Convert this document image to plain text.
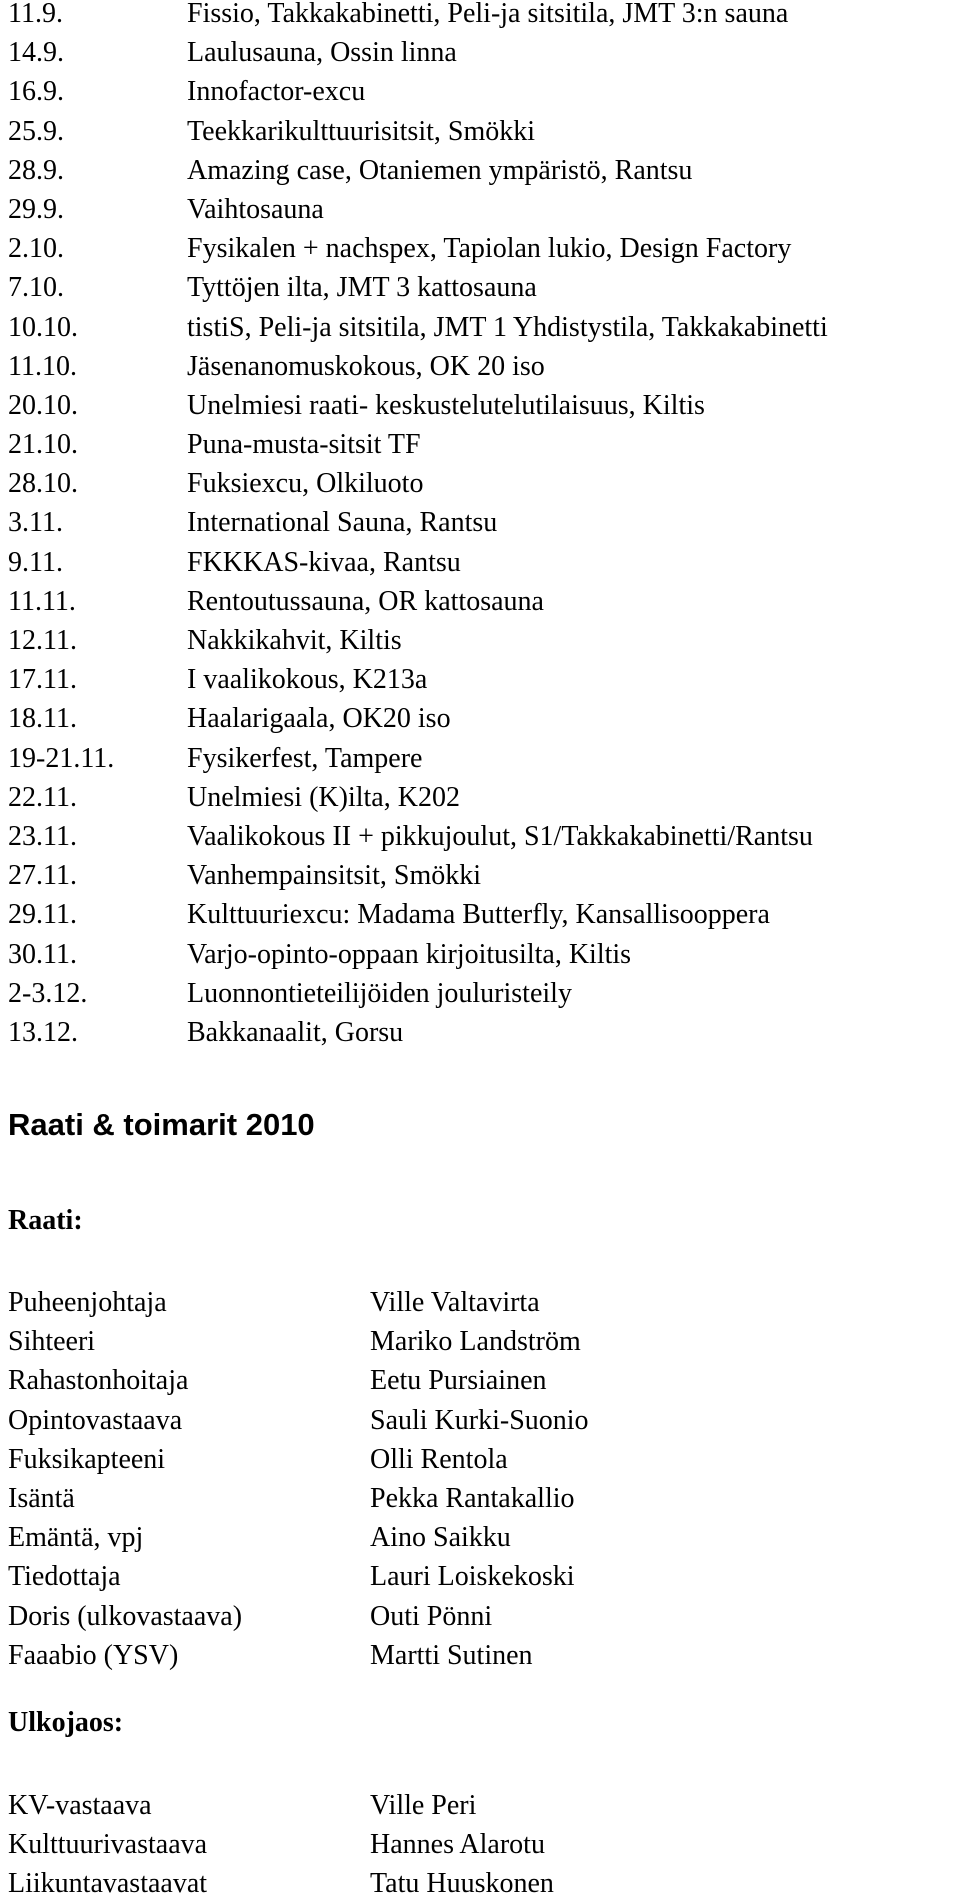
11.9.	Fissio, Takkakabinetti, Peli-ja sitsitila, JMT 3:n sauna
14.9.	Laulusauna, Ossin linna
16.9.	Innofactor-excu
25.9.	Teekkarikulttuurisitsit, Smökki
28.9.	Amazing case, Otaniemen ympäristö, Rantsu
29.9.	Vaihtosauna
2.10.	Fysikalen + nachspex, Tapiolan lukio, Design Factory
7.10.	Tyttöjen ilta, JMT 3 kattosauna
10.10.	tistiS, Peli-ja sitsitila, JMT 1 Yhdistystila, Takkakabinetti
11.10.	Jäsenanomuskokous, OK 20 iso
20.10.	Unelmiesi raati- keskustelutelutilaisuus, Kiltis
21.10.	Puna-musta-sitsit TF
28.10.	Fuksiexcu, Olkiluoto
3.11.	International Sauna, Rantsu
9.11.	FKKKAS-kivaa, Rantsu
11.11.	Rentoutussauna, OR kattosauna
12.11.	Nakkikahvit, Kiltis
17.11.	I vaalikokous, K213a
18.11.	Haalarigaala, OK20 iso
19-21.11.	Fysikerfest, Tampere
22.11.	Unelmiesi (K)ilta, K202
23.11.	Vaalikokous II + pikkujoulut, S1/Takkakabinetti/Rantsu
27.11.	Vanhempainsitsit, Smökki
29.11.	Kulttuuriexcu: Madama Butterfly, Kansallisooppera
30.11.	Varjo-opinto-oppaan kirjoitusilta, Kiltis
2-3.12.	Luonnontieteilijöiden jouluristeily
13.12.	Bakkanaalit, Gorsu
Raati & toimarit 2010
Raati:
Puheenjohtaja	Ville Valtavirta
Sihteeri	Mariko Landström
Rahastonhoitaja	Eetu Pursiainen
Opintovastaava	Sauli Kurki-Suonio
Fuksikapteeni	Olli Rentola
Isäntä	Pekka Rantakallio
Emäntä, vpj	Aino Saikku
Tiedottaja	Lauri Loiskekoski
Doris (ulkovastaava)	Outi Pönni
Faaabio (YSV)	Martti Sutinen
Ulkojaos:
KV-vastaava	Ville Peri
Kulttuurivastaava	Hannes Alarotu
Liikuntavastaavat	Tatu Huuskonen
